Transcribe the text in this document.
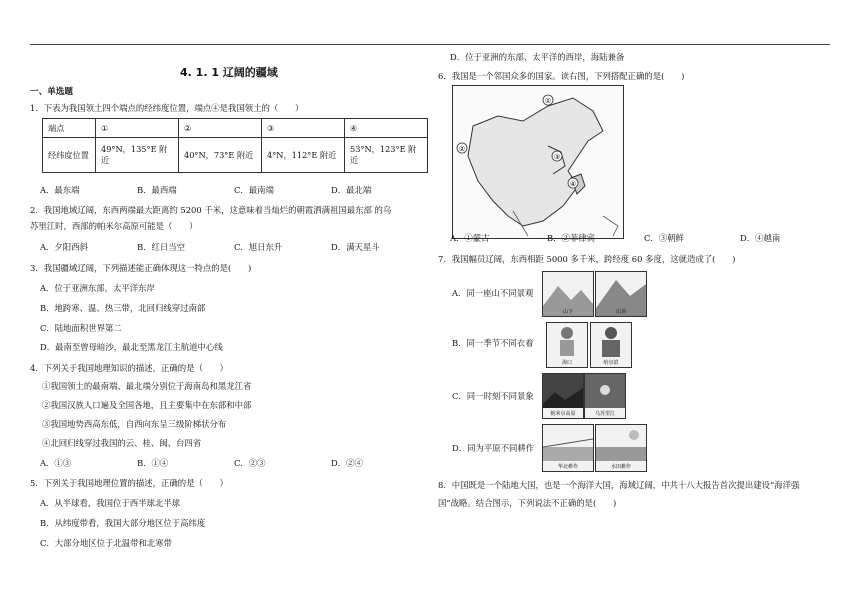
4. 1. 1 辽阔的疆域
一、单选题
1．下表为我国领土四个端点的经纬度位置，端点④是我国领土的（　　）
端点	①	②	③	④
经纬度位置	49°N，135°E 附近	40°N，73°E 附近	4°N，112°E 附近	53°N，123°E 附近
A．最东端	B．最西端	C．最南端	D．最北端
2．我国地域辽阔，东西两端最大距离约 5200 千米，这意味着当灿烂的朝霞洒满祖国最东部 的乌
苏里江时，西部的帕米尔高原可能是（　　）
A．夕阳西斜	B．红日当空	C．旭日东升	D．满天星斗
3．我国疆域辽阔，下列描述能正确体现这一特点的是(　　)
A．位于亚洲东部，太平洋东岸
B．地跨寒、温、热三带，北回归线穿过南部
C．陆地面积世界第二
D．最南至曾母暗沙，最北至黑龙江主航道中心线
4．下列关于我国地理知识的描述，正确的是（　　）
①我国领土的最南端、最北端分别位于海南岛和黑龙江省
②我国汉族人口遍及全国各地，且主要集中在东部和中部
③我国地势西高东低，自西向东呈三级阶梯状分布
④北回归线穿过我国的云、桂、闽、台四省
A．①③	B．①④	C．②③	D．②④
5．下列关于我国地理位置的描述，正确的是（　　）
A．从半球看，我国位于西半球北半球
B．从纬度带看，我国大部分地区位于高纬度
C．大部分地区位于北温带和北寒带
D．位于亚洲的东部、太平洋的西岸，海陆兼备
6．我国是一个邻国众多的国家。读右图，下列搭配正确的是(　　)
①
②
③
④
A．①蒙古	B．②菲律宾	C．③朝鲜	D．④越南
7．我国幅员辽阔，东西相距 5000 多千米，跨经度 60 多度，这就造成了(　　)
A．同一座山不同景观
山下	山顶
B．同一季节不同衣着
海口	哈尔滨
C．同一时刻不同景象
帕米尔高原	乌苏里江
D．同为平原不同耕作
华北耕作	水田耕作
8．中国既是一个陆地大国，也是一个海洋大国，海域辽阔，中共十八大报告首次提出建设“海洋强
国”战略。结合图示，下列说法不正确的是(　　)
